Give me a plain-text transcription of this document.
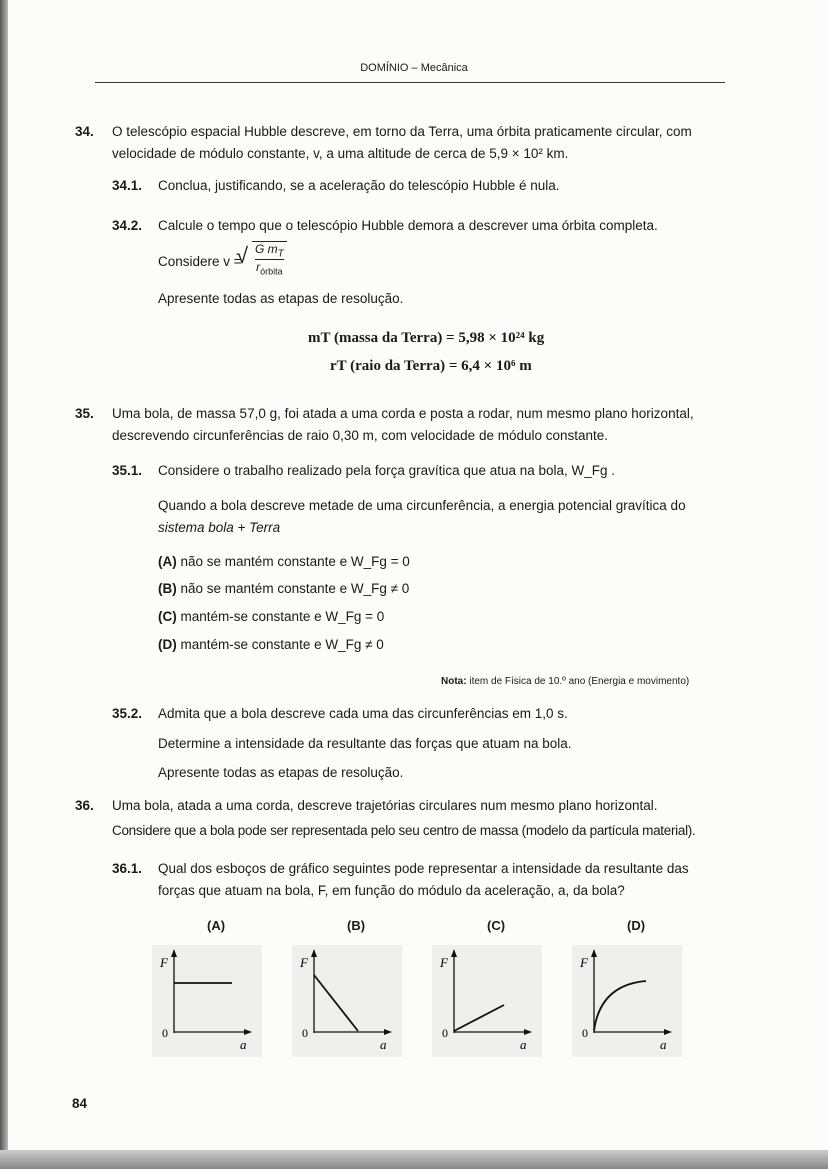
DOMÍNIO – Mecânica
34. O telescópio espacial Hubble descreve, em torno da Terra, uma órbita praticamente circular, com
velocidade de módulo constante, v, a uma altitude de cerca de 5,9 × 10² km.
34.1. Conclua, justificando, se a aceleração do telescópio Hubble é nula.
34.2. Calcule o tempo que o telescópio Hubble demora a descrever uma órbita completa.
Considere v =
√ G $m_T$
$r_{órbita}$
Apresente todas as etapas de resolução.
mT (massa da Terra) = 5,98 × 10²⁴ kg
rT (raio da Terra) = 6,4 × 10⁶ m
35. Uma bola, de massa 57,0 g, foi atada a uma corda e posta a rodar, num mesmo plano horizontal,
descrevendo circunferências de raio 0,30 m, com velocidade de módulo constante.
35.1. Considere o trabalho realizado pela força gravítica que atua na bola, W_Fg .
Quando a bola descreve metade de uma circunferência, a energia potencial gravítica do
sistema bola + Terra
(A) não se mantém constante e W_Fg = 0
(B) não se mantém constante e W_Fg ≠ 0
(C) mantém-se constante e W_Fg = 0
(D) mantém-se constante e W_Fg ≠ 0
Nota: item de Física de 10.º ano (Energia e movimento)
35.2. Admita que a bola descreve cada uma das circunferências em 1,0 s.
Determine a intensidade da resultante das forças que atuam na bola.
Apresente todas as etapas de resolução.
36. Uma bola, atada a uma corda, descreve trajetórias circulares num mesmo plano horizontal.
Considere que a bola pode ser representada pelo seu centro de massa (modelo da partícula material).
36.1. Qual dos esboços de gráfico seguintes pode representar a intensidade da resultante das
forças que atuam na bola, F, em função do módulo da aceleração, a, da bola?
(A)
F
0
a
(B)
F
0
a
(C)
F
0
a
(D)
F
0
a
84
